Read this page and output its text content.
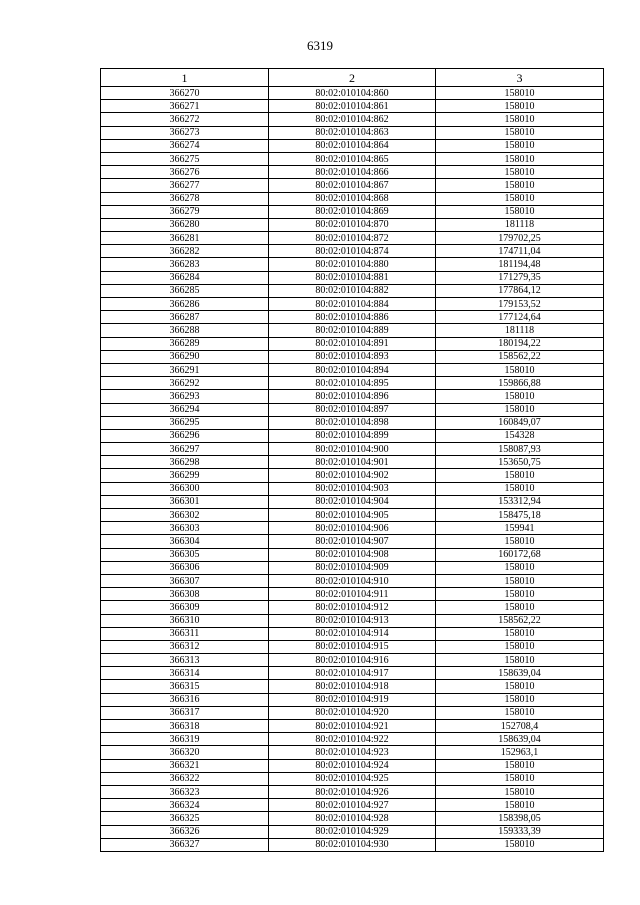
6319
1	2	3
366270	80:02:010104:860	158010
366271	80:02:010104:861	158010
366272	80:02:010104:862	158010
366273	80:02:010104:863	158010
366274	80:02:010104:864	158010
366275	80:02:010104:865	158010
366276	80:02:010104:866	158010
366277	80:02:010104:867	158010
366278	80:02:010104:868	158010
366279	80:02:010104:869	158010
366280	80:02:010104:870	181118
366281	80:02:010104:872	179702,25
366282	80:02:010104:874	174711,04
366283	80:02:010104:880	181194,48
366284	80:02:010104:881	171279,35
366285	80:02:010104:882	177864,12
366286	80:02:010104:884	179153,52
366287	80:02:010104:886	177124,64
366288	80:02:010104:889	181118
366289	80:02:010104:891	180194,22
366290	80:02:010104:893	158562,22
366291	80:02:010104:894	158010
366292	80:02:010104:895	159866,88
366293	80:02:010104:896	158010
366294	80:02:010104:897	158010
366295	80:02:010104:898	160849,07
366296	80:02:010104:899	154328
366297	80:02:010104:900	158087,93
366298	80:02:010104:901	153650,75
366299	80:02:010104:902	158010
366300	80:02:010104:903	158010
366301	80:02:010104:904	153312,94
366302	80:02:010104:905	158475,18
366303	80:02:010104:906	159941
366304	80:02:010104:907	158010
366305	80:02:010104:908	160172,68
366306	80:02:010104:909	158010
366307	80:02:010104:910	158010
366308	80:02:010104:911	158010
366309	80:02:010104:912	158010
366310	80:02:010104:913	158562,22
366311	80:02:010104:914	158010
366312	80:02:010104:915	158010
366313	80:02:010104:916	158010
366314	80:02:010104:917	158639,04
366315	80:02:010104:918	158010
366316	80:02:010104:919	158010
366317	80:02:010104:920	158010
366318	80:02:010104:921	152708,4
366319	80:02:010104:922	158639,04
366320	80:02:010104:923	152963,1
366321	80:02:010104:924	158010
366322	80:02:010104:925	158010
366323	80:02:010104:926	158010
366324	80:02:010104:927	158010
366325	80:02:010104:928	158398,05
366326	80:02:010104:929	159333,39
366327	80:02:010104:930	158010
